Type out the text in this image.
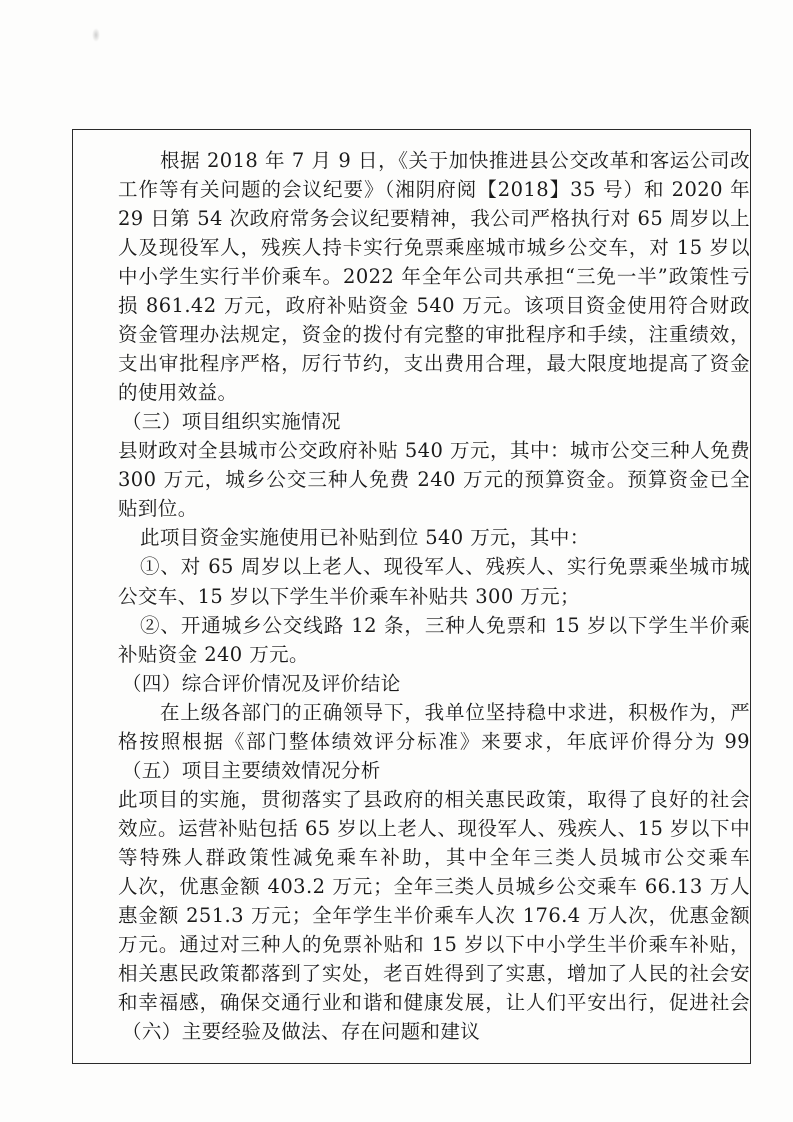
根据 2018 年 7 月 9 日，《关于加快推进县公交改革和客运公司改
工作等有关问题的会议纪要》（湘阴府阅【2018】35 号）和 2020 年
29 日第 54 次政府常务会议纪要精神，我公司严格执行对 65 周岁以上
人及现役军人，残疾人持卡实行免票乘座城市城乡公交车，对 15 岁以
中小学生实行半价乘车。2022 年全年公司共承担“三免一半”政策性亏
损 861.42 万元，政府补贴资金 540 万元。该项目资金使用符合财政
资金管理办法规定，资金的拨付有完整的审批程序和手续，注重绩效，
支出审批程序严格，厉行节约，支出费用合理，最大限度地提高了资金
的使用效益。
（三）项目组织实施情况
县财政对全县城市公交政府补贴 540 万元，其中：城市公交三种人免费
300 万元，城乡公交三种人免费 240 万元的预算资金。预算资金已全
贴到位。
此项目资金实施使用已补贴到位 540 万元，其中：
①、对 65 周岁以上老人、现役军人、残疾人、实行免票乘坐城市城
公交车、15 岁以下学生半价乘车补贴共 300 万元；
②、开通城乡公交线路 12 条，三种人免票和 15 岁以下学生半价乘
补贴资金 240 万元。
（四）综合评价情况及评价结论
在上级各部门的正确领导下，我单位坚持稳中求进，积极作为，严
格按照根据《部门整体绩效评分标准》来要求，年底评价得分为 99
（五）项目主要绩效情况分析
此项目的实施，贯彻落实了县政府的相关惠民政策，取得了良好的社会
效应。运营补贴包括 65 岁以上老人、现役军人、残疾人、15 岁以下中
等特殊人群政策性减免乘车补助，其中全年三类人员城市公交乘车
人次，优惠金额 403.2 万元；全年三类人员城乡公交乘车 66.13 万人
惠金额 251.3 万元；全年学生半价乘车人次 176.4 万人次，优惠金额
万元。通过对三种人的免票补贴和 15 岁以下中小学生半价乘车补贴，
相关惠民政策都落到了实处，老百姓得到了实惠，增加了人民的社会安
和幸福感，确保交通行业和谐和健康发展，让人们平安出行，促进社会
（六）主要经验及做法、存在问题和建议
